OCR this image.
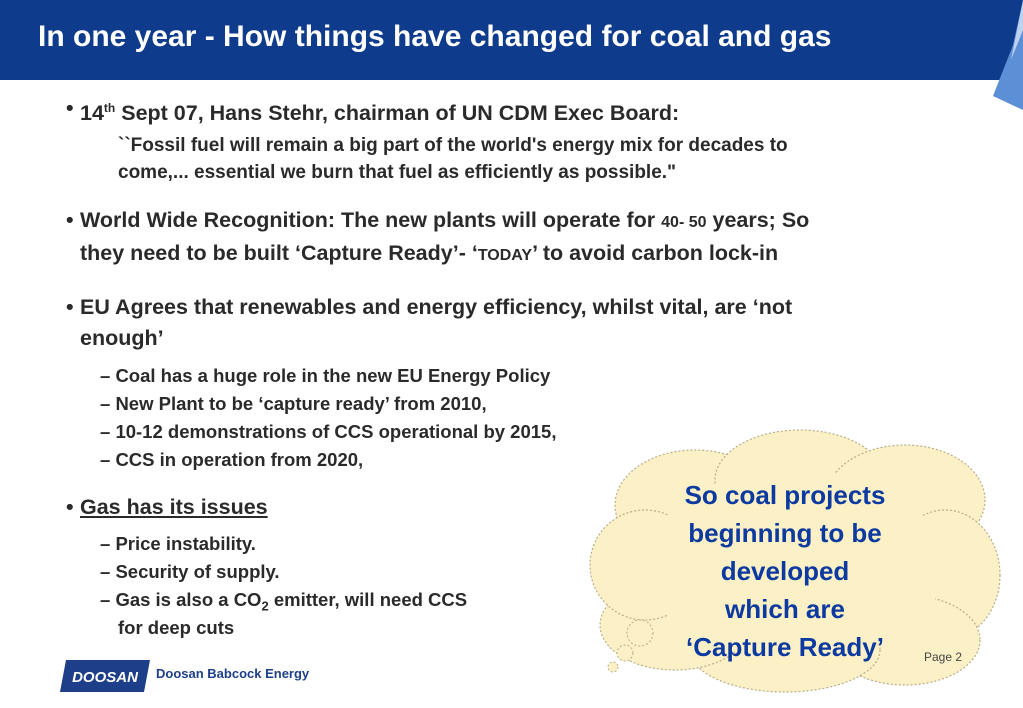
In one year - How things have changed for coal and gas
• 14th Sept 07, Hans Stehr, chairman of UN CDM Exec Board:
``Fossil fuel will remain a big part of the world's energy mix for decades to
come,... essential we burn that fuel as efficiently as possible."
• World Wide Recognition: The new plants will operate for 40- 50 years; So
they need to be built ‘Capture Ready’- ‘TODAY’ to avoid carbon lock-in
• EU Agrees that renewables and energy efficiency, whilst vital, are ‘not
enough’
– Coal has a huge role in the new EU Energy Policy
– New Plant to be ‘capture ready’ from 2010,
– 10-12 demonstrations of CCS operational by 2015,
– CCS in operation from 2020,
• Gas has its issues
– Price instability.
– Security of supply.
– Gas is also a $CO_2$ emitter, will need CCS
for deep cuts
So coal projects
beginning to be
developed
which are
‘Capture Ready’
DOOSAN Doosan Babcock Energy
Page 2
